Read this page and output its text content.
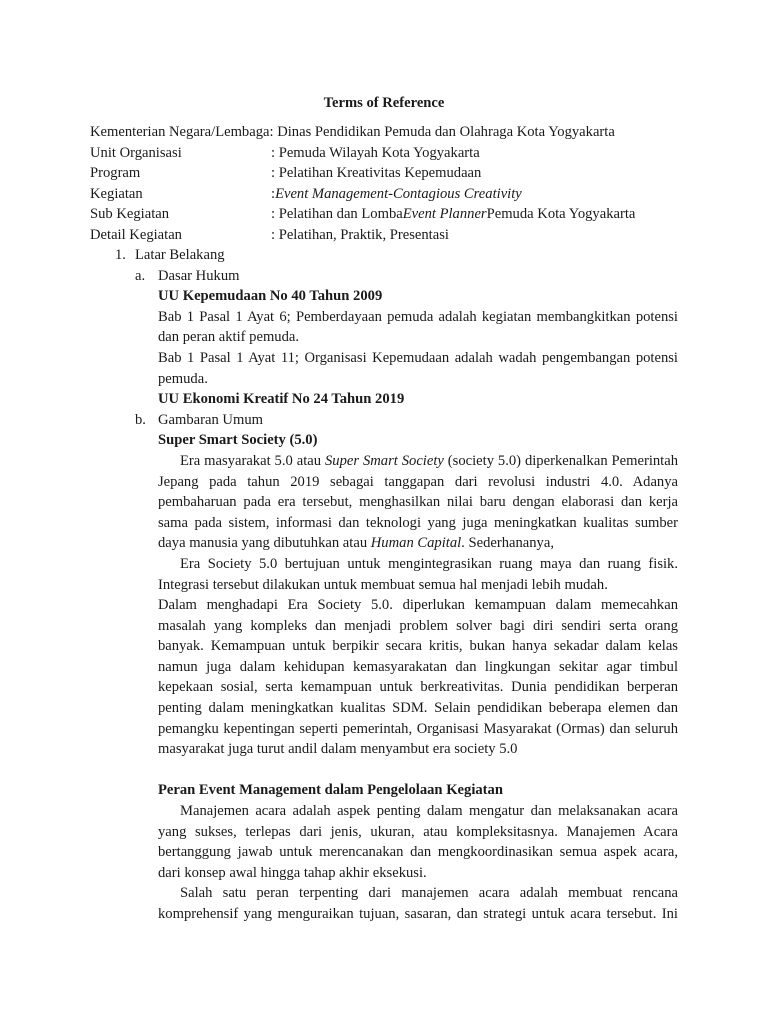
Terms of Reference
Kementerian Negara/Lembaga : Dinas Pendidikan Pemuda dan Olahraga Kota Yogyakarta
Unit Organisasi	: Pemuda Wilayah Kota Yogyakarta
Program	: Pelatihan Kreativitas Kepemudaan
Kegiatan	: Event Management-Contagious Creativity
Sub Kegiatan	: Pelatihan dan Lomba Event Planner Pemuda Kota Yogyakarta
Detail Kegiatan	: Pelatihan, Praktik, Presentasi
1. Latar Belakang
a. Dasar Hukum
UU Kepemudaan No 40 Tahun 2009

Bab 1 Pasal 1 Ayat 6; Pemberdayaan pemuda adalah kegiatan membangkitkan potensi dan peran aktif pemuda.

Bab 1 Pasal 1 Ayat 11; Organisasi Kepemudaan adalah wadah pengembangan potensi pemuda.

UU Ekonomi Kreatif No 24 Tahun 2019
b. Gambaran Umum
Super Smart Society (5.0)

Era masyarakat 5.0 atau Super Smart Society (society 5.0) diperkenalkan Pemerintah Jepang pada tahun 2019 sebagai tanggapan dari revolusi industri 4.0. Adanya pembaharuan pada era tersebut, menghasilkan nilai baru dengan elaborasi dan kerja sama pada sistem, informasi dan teknologi yang juga meningkatkan kualitas sumber daya manusia yang dibutuhkan atau Human Capital. Sederhananya,

Era Society 5.0 bertujuan untuk mengintegrasikan ruang maya dan ruang fisik. Integrasi tersebut dilakukan untuk membuat semua hal menjadi lebih mudah.

Dalam menghadapi Era Society 5.0. diperlukan kemampuan dalam memecahkan masalah yang kompleks dan menjadi problem solver bagi diri sendiri serta orang banyak. Kemampuan untuk berpikir secara kritis, bukan hanya sekadar dalam kelas namun juga dalam kehidupan kemasyarakatan dan lingkungan sekitar agar timbul kepekaan sosial, serta kemampuan untuk berkreativitas. Dunia pendidikan berperan penting dalam meningkatkan kualitas SDM. Selain pendidikan beberapa elemen dan pemangku kepentingan seperti pemerintah, Organisasi Masyarakat (Ormas) dan seluruh masyarakat juga turut andil dalam menyambut era society 5.0

Peran Event Management dalam Pengelolaan Kegiatan

Manajemen acara adalah aspek penting dalam mengatur dan melaksanakan acara yang sukses, terlepas dari jenis, ukuran, atau kompleksitasnya. Manajemen Acara bertanggung jawab untuk merencanakan dan mengkoordinasikan semua aspek acara, dari konsep awal hingga tahap akhir eksekusi.

Salah satu peran terpenting dari manajemen acara adalah membuat rencana komprehensif yang menguraikan tujuan, sasaran, dan strategi untuk acara tersebut. Ini
